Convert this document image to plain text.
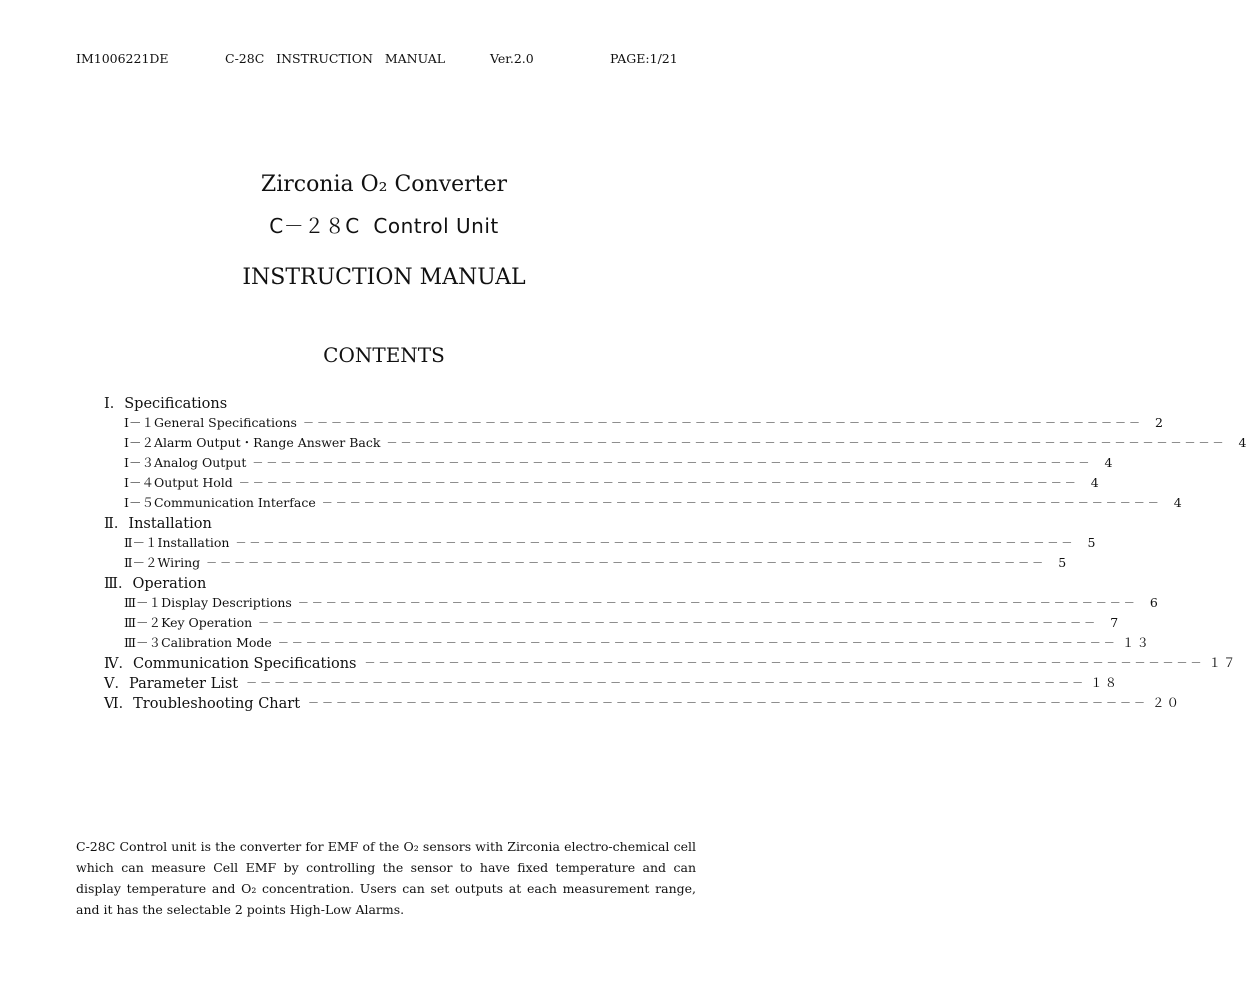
IM1006221DE	C-28C   INSTRUCTION   MANUAL	Ver.2.0	PAGE:1/21
Zirconia O₂ Converter
C－２８C  Control Unit
INSTRUCTION MANUAL
CONTENTS
Ⅰ．Specifications
Ⅰ－１ General Specifications －－－－－－－－－－－－－－－－－－－－－－－－－－－－－－－－－－－－－－－－－－－－－－－－－－－－－－－－－－－－ 2
Ⅰ－２ Alarm Output・Range Answer Back －－－－－－－－－－－－－－－－－－－－－－－－－－－－－－－－－－－－－－－－－－－－－－－－－－－－－－－－－－－－ 4
Ⅰ－３ Analog Output －－－－－－－－－－－－－－－－－－－－－－－－－－－－－－－－－－－－－－－－－－－－－－－－－－－－－－－－－－－－ 4
Ⅰ－４ Output Hold －－－－－－－－－－－－－－－－－－－－－－－－－－－－－－－－－－－－－－－－－－－－－－－－－－－－－－－－－－－－ 4
Ⅰ－５ Communication Interface －－－－－－－－－－－－－－－－－－－－－－－－－－－－－－－－－－－－－－－－－－－－－－－－－－－－－－－－－－－－ 4
Ⅱ．Installation
Ⅱ－１ Installation －－－－－－－－－－－－－－－－－－－－－－－－－－－－－－－－－－－－－－－－－－－－－－－－－－－－－－－－－－－－ 5
Ⅱ－２ Wiring －－－－－－－－－－－－－－－－－－－－－－－－－－－－－－－－－－－－－－－－－－－－－－－－－－－－－－－－－－－－ 5
Ⅲ．Operation
Ⅲ－１ Display Descriptions －－－－－－－－－－－－－－－－－－－－－－－－－－－－－－－－－－－－－－－－－－－－－－－－－－－－－－－－－－－－ 6
Ⅲ－２ Key Operation －－－－－－－－－－－－－－－－－－－－－－－－－－－－－－－－－－－－－－－－－－－－－－－－－－－－－－－－－－－－ 7
Ⅲ－３ Calibration Mode －－－－－－－－－－－－－－－－－－－－－－－－－－－－－－－－－－－－－－－－－－－－－－－－－－－－－－－－－－－－ １３
Ⅳ．Communication Specifications －－－－－－－－－－－－－－－－－－－－－－－－－－－－－－－－－－－－－－－－－－－－－－－－－－－－－－－－－－－－ １７
Ⅴ．Parameter List －－－－－－－－－－－－－－－－－－－－－－－－－－－－－－－－－－－－－－－－－－－－－－－－－－－－－－－－－－－－ １８
Ⅵ．Troubleshooting Chart －－－－－－－－－－－－－－－－－－－－－－－－－－－－－－－－－－－－－－－－－－－－－－－－－－－－－－－－－－－－ ２０

C-28C Control unit is the converter for EMF of the O₂ sensors with Zirconia electro-chemical cell which can measure Cell EMF by controlling the sensor to have fixed temperature and can display temperature and O₂ concentration. Users can set outputs at each measurement range, and it has the selectable 2 points High-Low Alarms.
